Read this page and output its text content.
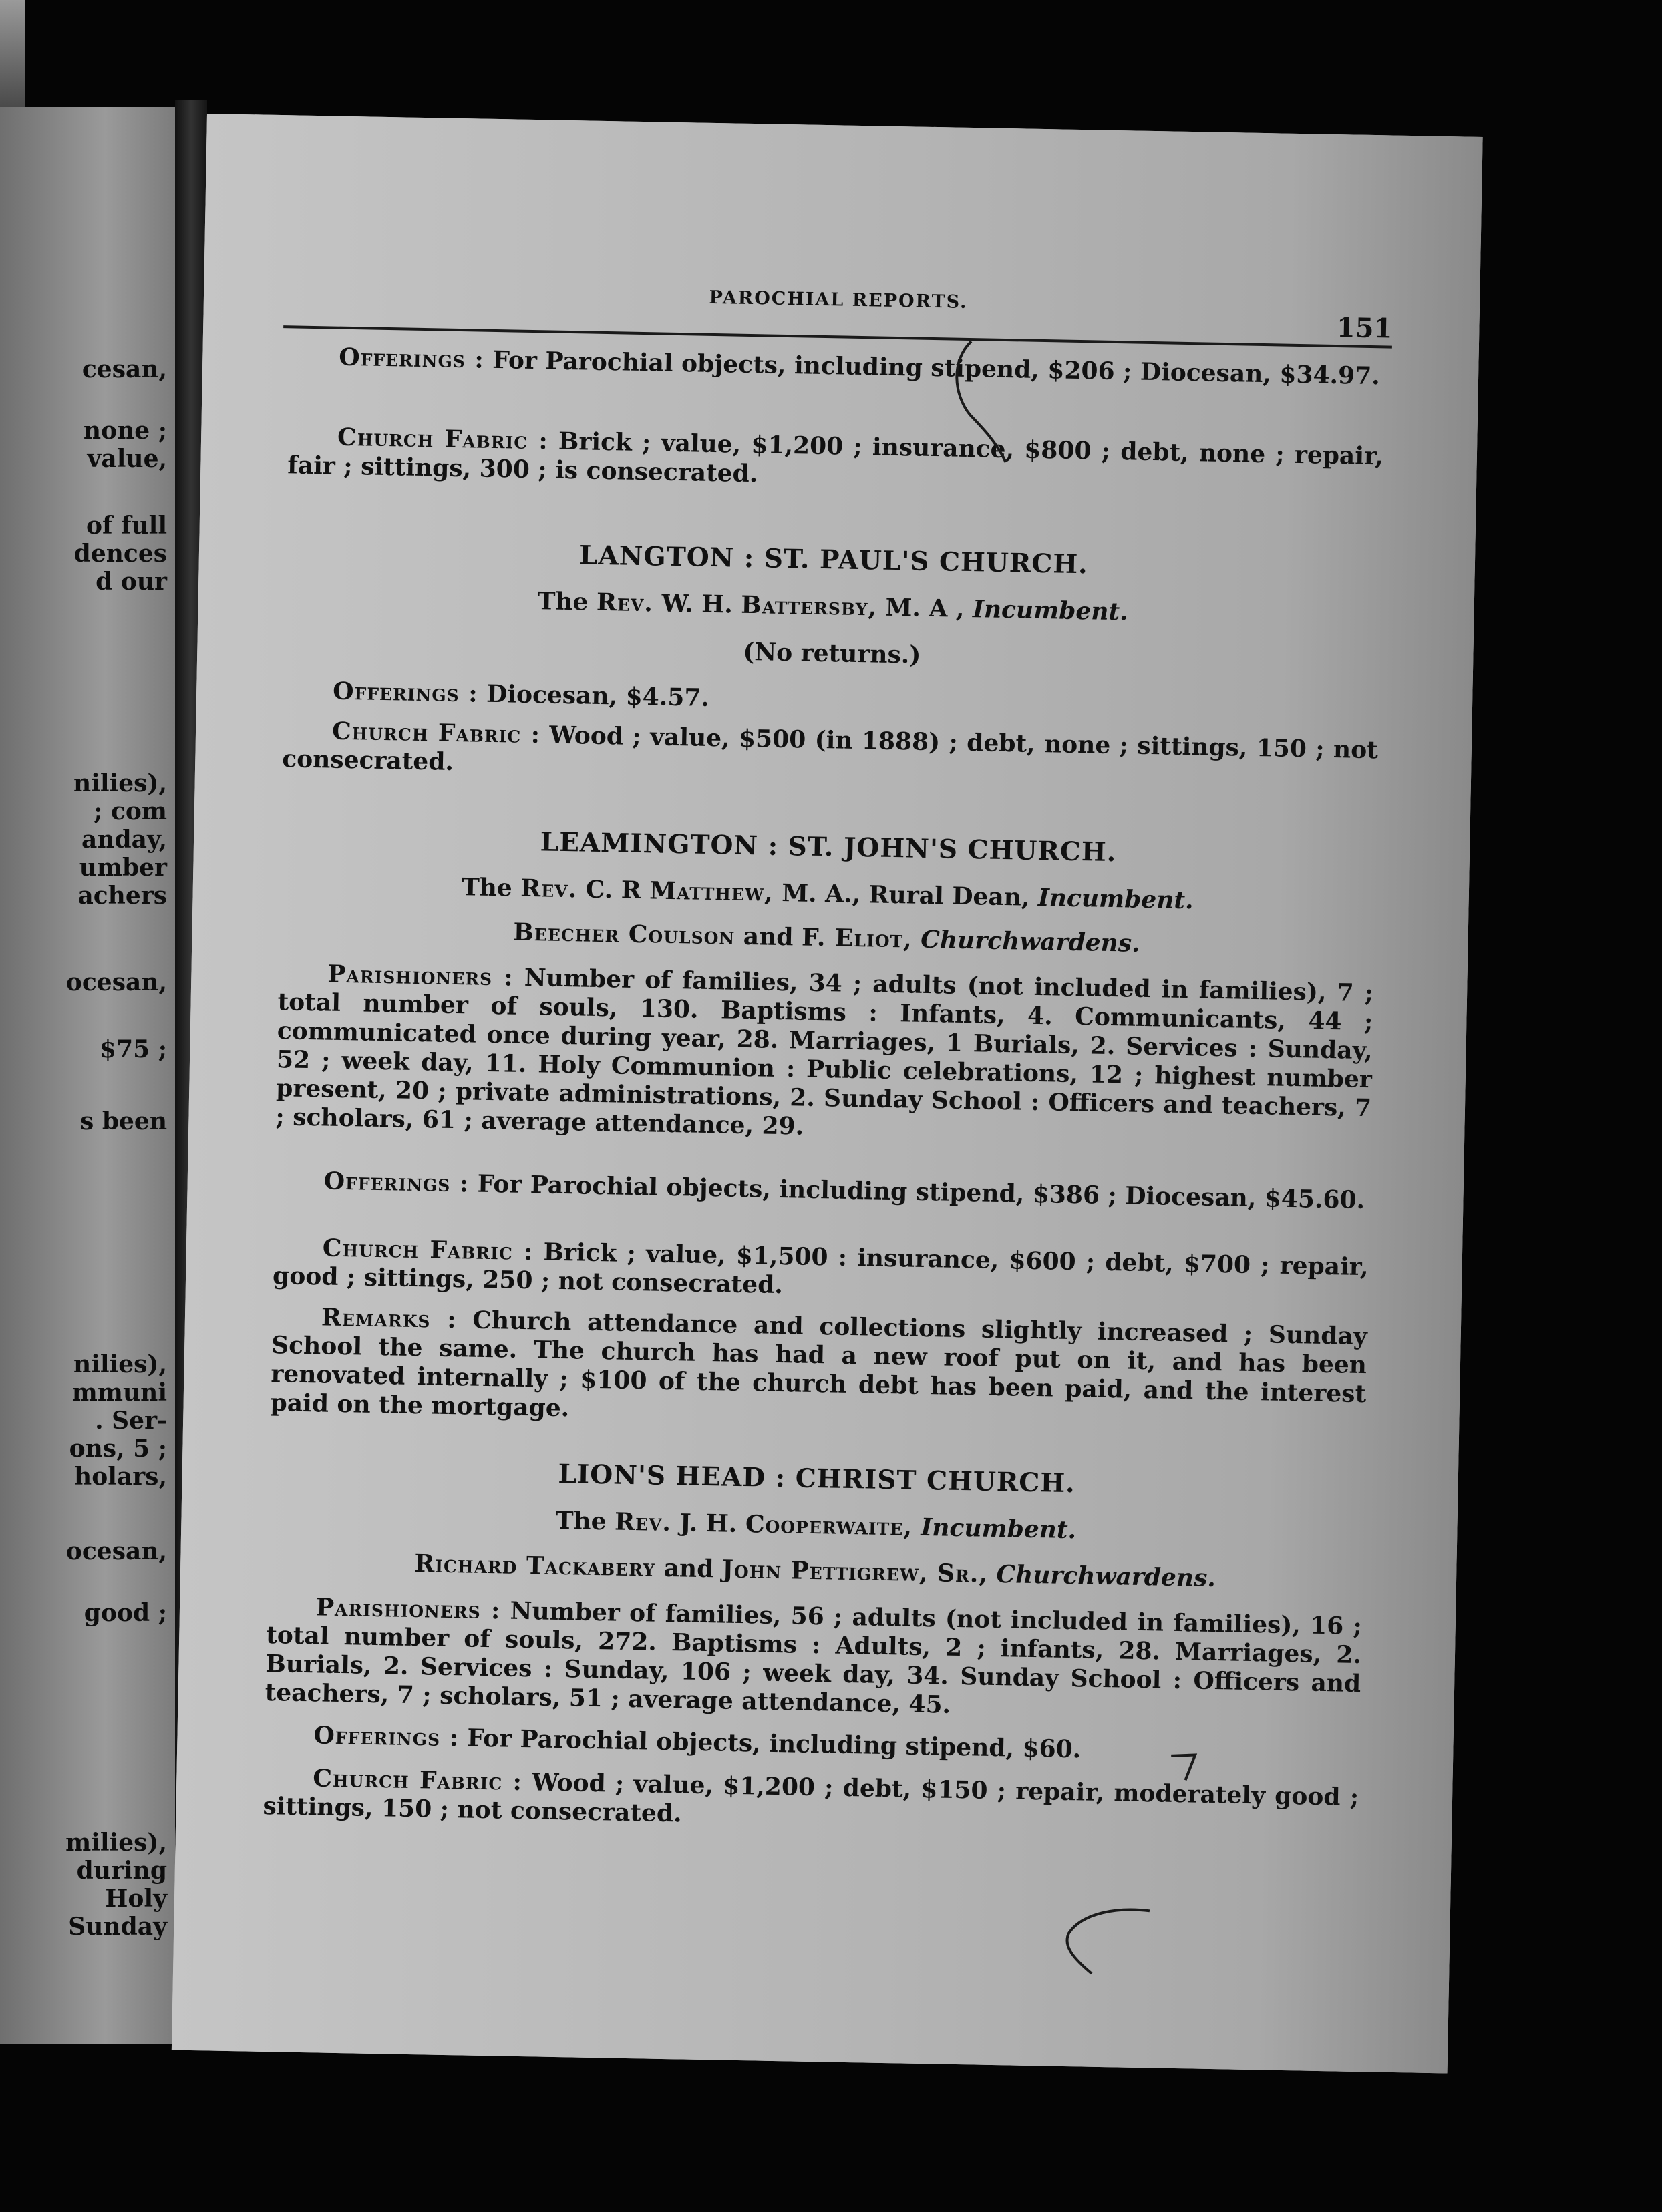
cesan,
none ;
value,
of full
dences
d our
nilies),
; com
anday,
umber
achers
ocesan,
$75 ;
s been
nilies),
mmuni
. Ser-
ons, 5 ;
holars,
ocesan,
good ;
milies),
during
Holy
Sunday
PAROCHIAL REPORTS.
151

Offerings : For Parochial objects, including stipend, $206 ; Diocesan, $34.97.

Church Fabric : Brick ; value, $1,200 ; insurance, $800 ; debt, none ; repair, fair ; sittings, 300 ; is consecrated.

LANGTON : ST. PAUL'S CHURCH.
The Rev. W. H. Battersby, M. A , Incumbent.
(No returns.)

Offerings : Diocesan, $4.57.

Church Fabric : Wood ; value, $500 (in 1888) ; debt, none ; sittings, 150 ; not consecrated.

LEAMINGTON : ST. JOHN'S CHURCH.
The Rev. C. R Matthew, M. A., Rural Dean, Incumbent.
Beecher Coulson and F. Eliot, Churchwardens.

Parishioners : Number of families, 34 ; adults (not included in families), 7 ; total number of souls, 130. Baptisms : Infants, 4. Communicants, 44 ; communicated once during year, 28. Marriages, 1 Burials, 2. Services : Sunday, 52 ; week day, 11. Holy Communion : Public celebrations, 12 ; highest number present, 20 ; private administrations, 2. Sunday School : Officers and teachers, 7 ; scholars, 61 ; average attendance, 29.

Offerings : For Parochial objects, including stipend, $386 ; Diocesan, $45.60.

Church Fabric : Brick ; value, $1,500 : insurance, $600 ; debt, $700 ; repair, good ; sittings, 250 ; not consecrated.

Remarks : Church attendance and collections slightly increased ; Sunday School the same. The church has had a new roof put on it, and has been renovated internally ; $100 of the church debt has been paid, and the interest paid on the mortgage.

LION'S HEAD : CHRIST CHURCH.
The Rev. J. H. Cooperwaite, Incumbent.
Richard Tackabery and John Pettigrew, Sr., Churchwardens.

Parishioners : Number of families, 56 ; adults (not included in families), 16 ; total number of souls, 272. Baptisms : Adults, 2 ; infants, 28. Marriages, 2. Burials, 2. Services : Sunday, 106 ; week day, 34. Sunday School : Officers and teachers, 7 ; scholars, 51 ; average attendance, 45.

Offerings : For Parochial objects, including stipend, $60.

Church Fabric : Wood ; value, $1,200 ; debt, $150 ; repair, moderately good ; sittings, 150 ; not consecrated.
